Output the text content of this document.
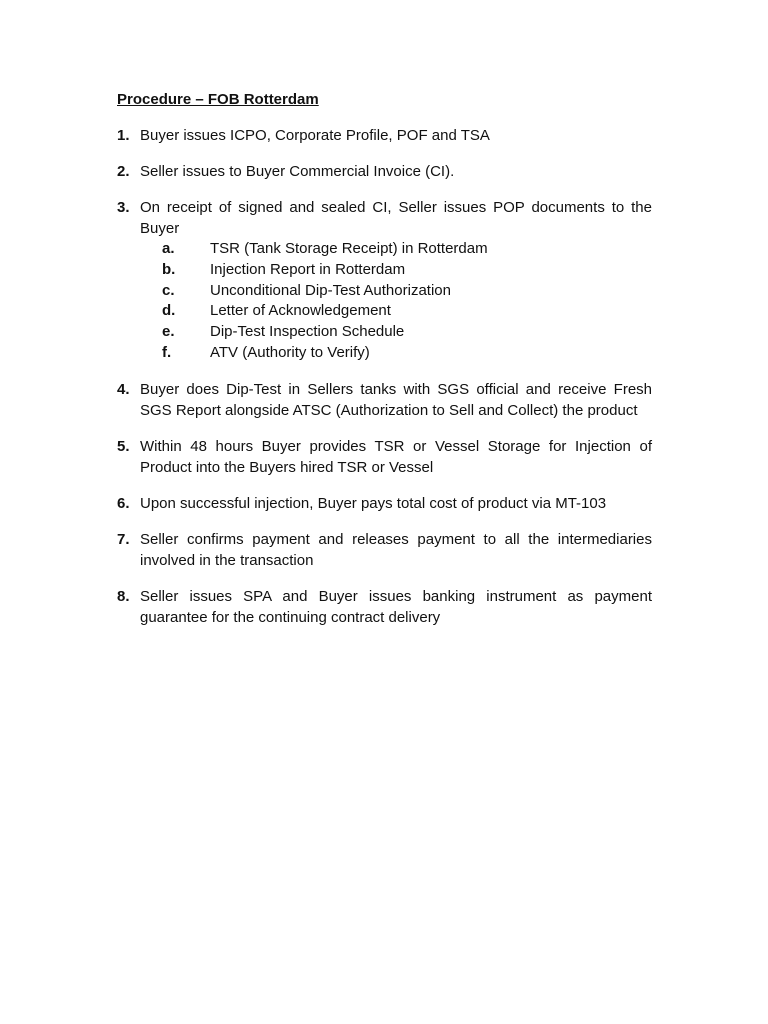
Procedure – FOB Rotterdam
1. Buyer issues ICPO, Corporate Profile, POF and TSA
2. Seller issues to Buyer Commercial Invoice (CI).
3. On receipt of signed and sealed CI, Seller issues POP documents to the Buyer
a.	TSR (Tank Storage Receipt) in Rotterdam
b.	Injection Report in Rotterdam
c.	Unconditional Dip-Test Authorization
d.	Letter of Acknowledgement
e.	Dip-Test Inspection Schedule
f.	ATV (Authority to Verify)
4. Buyer does Dip-Test in Sellers tanks with SGS official and receive Fresh SGS Report alongside ATSC (Authorization to Sell and Collect) the product
5. Within 48 hours Buyer provides TSR or Vessel Storage for Injection of Product into the Buyers hired TSR or Vessel
6. Upon successful injection, Buyer pays total cost of product via MT-103
7. Seller confirms payment and releases payment to all the intermediaries involved in the transaction
8. Seller issues SPA and Buyer issues banking instrument as payment guarantee for the continuing contract delivery
